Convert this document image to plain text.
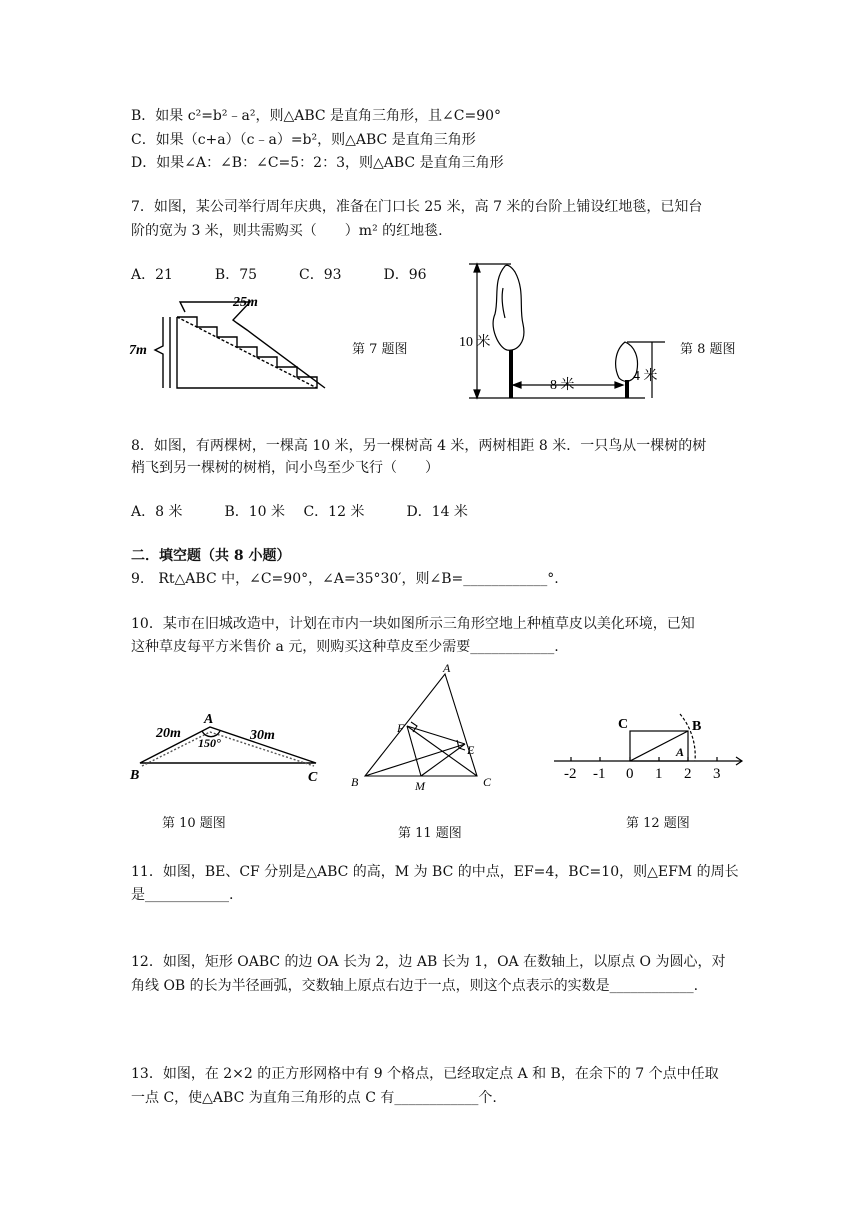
B．如果 c²=b²﹣a²，则△ABC 是直角三角形，且∠C=90°
C．如果（c+a）（c﹣a）=b²，则△ABC 是直角三角形
D．如果∠A：∠B：∠C=5：2：3，则△ABC 是直角三角形
7．如图，某公司举行周年庆典，准备在门口长 25 米，高 7 米的台阶上铺设红地毯，已知台
阶的宽为 3 米，则共需购买（　　）m² 的红地毯.
A．21　　　B．75　　　C．93　　　D．96
第 7 题图	第 8 题图
8．如图，有两棵树，一棵高 10 米，另一棵树高 4 米，两树相距 8 米．一只鸟从一棵树的树
梢飞到另一棵树的树梢，问小鸟至少飞行（　　）
A．8 米　　　B．10 米　 C．12 米　　　D．14 米
二．填空题（共 8 小题）
9.　Rt△ABC 中，∠C=90°，∠A=35°30′，则∠B=____________°.
10．某市在旧城改造中，计划在市内一块如图所示三角形空地上种植草皮以美化环境，已知
这种草皮每平方米售价 a 元，则购买这种草皮至少需要____________.
第 10 题图
第 11 题图
第 12 题图
11．如图，BE、CF 分别是△ABC 的高，M 为 BC 的中点，EF=4，BC=10，则△EFM 的周长
是____________.
12．如图，矩形 OABC 的边 OA 长为 2，边 AB 长为 1，OA 在数轴上，以原点 O 为圆心，对
角线 OB 的长为半径画弧，交数轴上原点右边于一点，则这个点表示的实数是____________.
13．如图，在 2×2 的正方形网格中有 9 个格点，已经取定点 A 和 B，在余下的 7 个点中任取
一点 C，使△ABC 为直角三角形的点 C 有____________个.
25m
7m
10 米
8 米
4 米
A
B	C
20m	30m
150°
A
B	C
E
F
M
C	B
A
-2 -1 0 1 2 3
